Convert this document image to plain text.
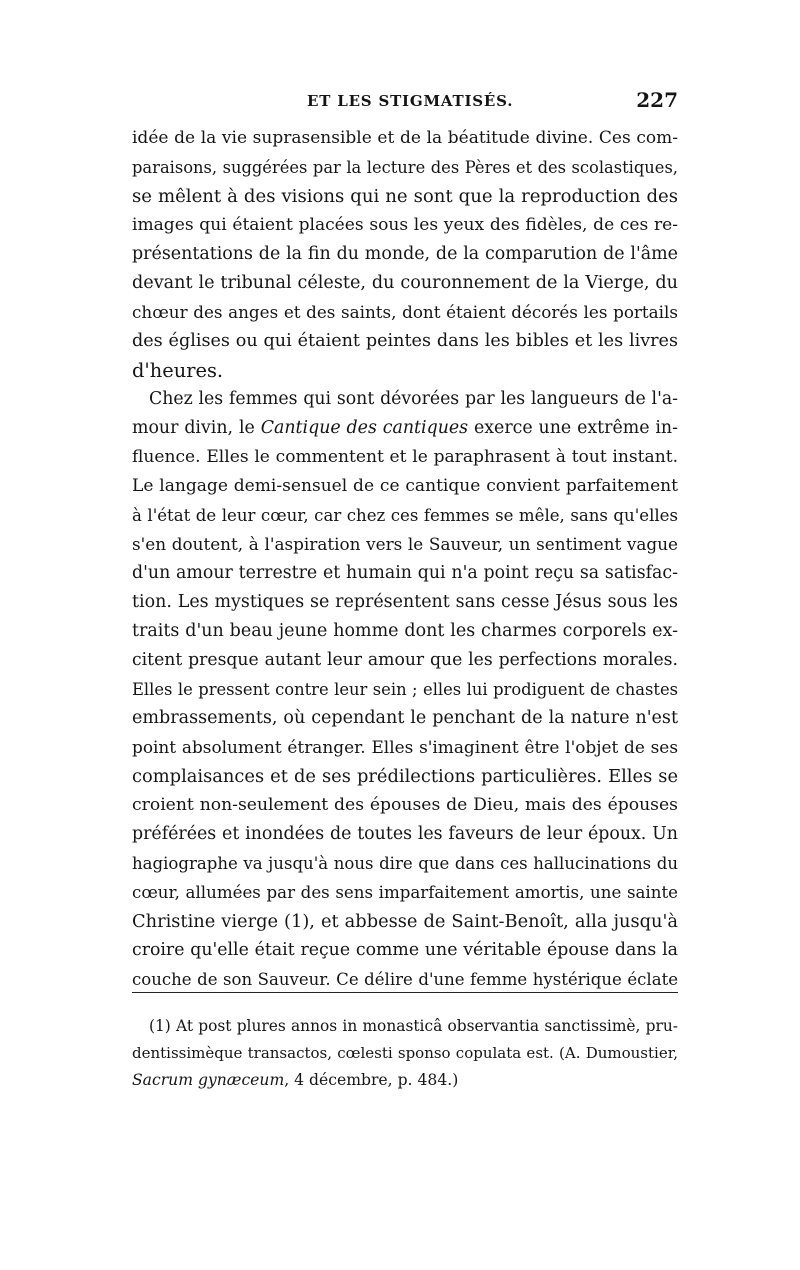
ET LES STIGMATISÉS.	227
idée de la vie suprasensible et de la béatitude divine. Ces com-
paraisons, suggérées par la lecture des Pères et des scolastiques,
se mêlent à des visions qui ne sont que la reproduction des
images qui étaient placées sous les yeux des fidèles, de ces re-
présentations de la fin du monde, de la comparution de l'âme
devant le tribunal céleste, du couronnement de la Vierge, du
chœur des anges et des saints, dont étaient décorés les portails
des églises ou qui étaient peintes dans les bibles et les livres
d'heures.
Chez les femmes qui sont dévorées par les langueurs de l'a-
mour divin, le Cantique des cantiques exerce une extrême in-
fluence. Elles le commentent et le paraphrasent à tout instant.
Le langage demi-sensuel de ce cantique convient parfaitement
à l'état de leur cœur, car chez ces femmes se mêle, sans qu'elles
s'en doutent, à l'aspiration vers le Sauveur, un sentiment vague
d'un amour terrestre et humain qui n'a point reçu sa satisfac-
tion. Les mystiques se représentent sans cesse Jésus sous les
traits d'un beau jeune homme dont les charmes corporels ex-
citent presque autant leur amour que les perfections morales.
Elles le pressent contre leur sein ; elles lui prodiguent de chastes
embrassements, où cependant le penchant de la nature n'est
point absolument étranger. Elles s'imaginent être l'objet de ses
complaisances et de ses prédilections particulières. Elles se
croient non-seulement des épouses de Dieu, mais des épouses
préférées et inondées de toutes les faveurs de leur époux. Un
hagiographe va jusqu'à nous dire que dans ces hallucinations du
cœur, allumées par des sens imparfaitement amortis, une sainte
Christine vierge (1), et abbesse de Saint-Benoît, alla jusqu'à
croire qu'elle était reçue comme une véritable épouse dans la
couche de son Sauveur. Ce délire d'une femme hystérique éclate
(1) At post plures annos in monasticâ observantia sanctissimè, pru-
dentissimèque transactos, cœlesti sponso copulata est. (A. Dumoustier,
Sacrum gynæceum, 4 décembre, p. 484.)
